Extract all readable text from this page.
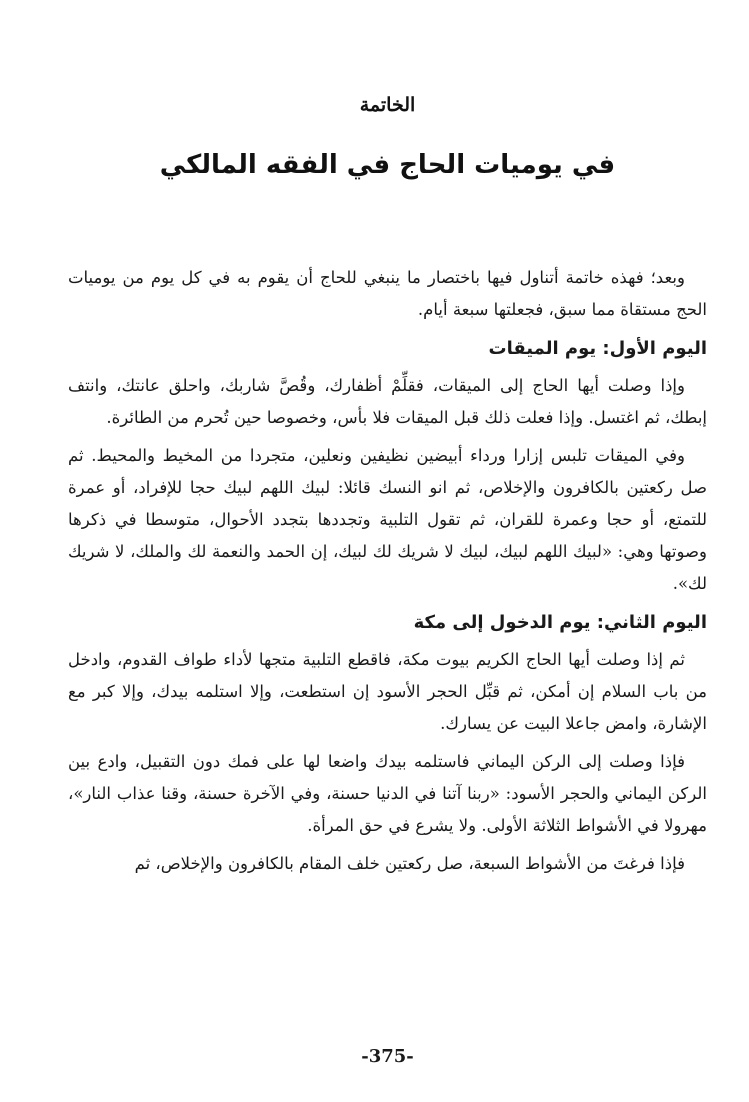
الخاتمة
في يوميات الحاج في الفقه المالكي

وبعد؛ فهذه خاتمة أتناول فيها باختصار ما ينبغي للحاج أن يقوم به في كل يوم من يوميات الحج مستقاة مما سبق، فجعلتها سبعة أيام.

اليوم الأول: يوم الميقات

وإذا وصلت أيها الحاج إلى الميقات، فقلِّمْ أظفارك، وقُصَّ شاربك، واحلق عانتك، وانتف إبطك، ثم اغتسل. وإذا فعلت ذلك قبل الميقات فلا بأس، وخصوصا حين تُحرم من الطائرة.

وفي الميقات تلبس إزارا ورداء أبيضين نظيفين ونعلين، متجردا من المخيط والمحيط. ثم صل ركعتين بالكافرون والإخلاص، ثم انو النسك قائلا: لبيك اللهم لبيك حجا للإفراد، أو عمرة للتمتع، أو حجا وعمرة للقران، ثم تقول التلبية وتجددها بتجدد الأحوال، متوسطا في ذكرها وصوتها وهي: «لبيك اللهم لبيك، لبيك لا شريك لك لبيك، إن الحمد والنعمة لك والملك، لا شريك لك».

اليوم الثاني: يوم الدخول إلى مكة

ثم إذا وصلت أيها الحاج الكريم بيوت مكة، فاقطع التلبية متجها لأداء طواف القدوم، وادخل من باب السلام إن أمكن، ثم قبِّل الحجر الأسود إن استطعت، وإلا استلمه بيدك، وإلا كبر مع الإشارة، وامض جاعلا البيت عن يسارك.

فإذا وصلت إلى الركن اليماني فاستلمه بيدك واضعا لها على فمك دون التقبيل، وادع بين الركن اليماني والحجر الأسود: «ربنا آتنا في الدنيا حسنة، وفي الآخرة حسنة، وقنا عذاب النار»، مهرولا في الأشواط الثلاثة الأولى. ولا يشرع في حق المرأة.

فإذا فرغتَ من الأشواط السبعة، صل ركعتين خلف المقام بالكافرون والإخلاص، ثم

-375-
